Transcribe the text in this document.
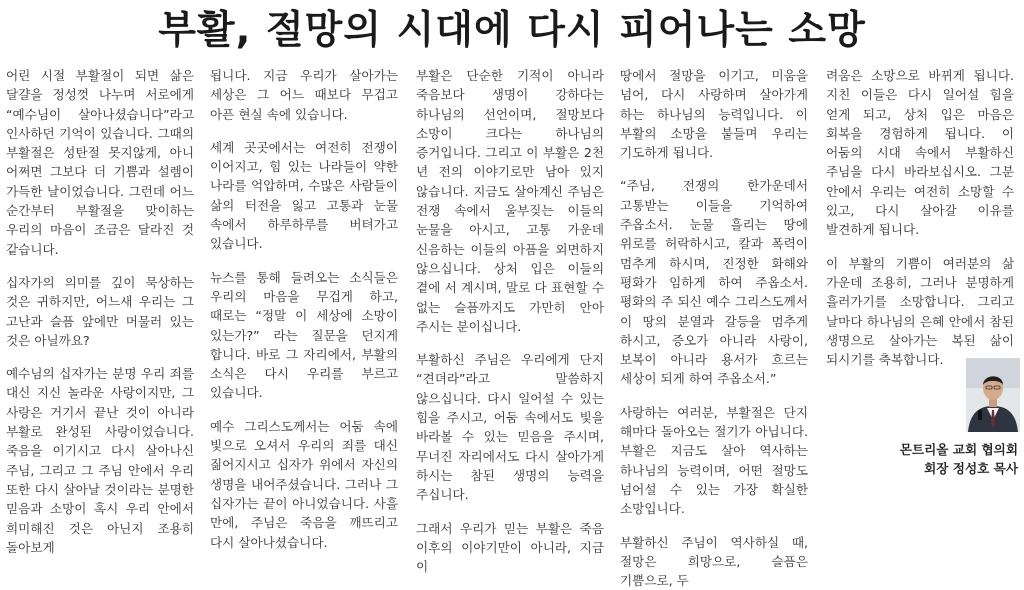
부활, 절망의 시대에 다시 피어나는 소망

어린 시절 부활절이 되면 삶은 달걀을 정성껏 나누며 서로에게 “예수님이 살아나셨습니다”라고 인사하던 기억이 있습니다. 그때의 부활절은 성탄절 못지않게, 아니 어쩌면 그보다 더 기쁨과 설렘이 가득한 날이었습니다. 그런데 어느 순간부터 부활절을 맞이하는 우리의 마음이 조금은 달라진 것 같습니다.

십자가의 의미를 깊이 묵상하는 것은 귀하지만, 어느새 우리는 그 고난과 슬픔 앞에만 머물러 있는 것은 아닐까요?

예수님의 십자가는 분명 우리 죄를 대신 지신 놀라운 사랑이지만, 그 사랑은 거기서 끝난 것이 아니라 부활로 완성된 사랑이었습니다. 죽음을 이기시고 다시 살아나신 주님, 그리고 그 주님 안에서 우리 또한 다시 살아날 것이라는 분명한 믿음과 소망이 혹시 우리 안에서 희미해진 것은 아닌지 조용히 돌아보게

됩니다. 지금 우리가 살아가는 세상은 그 어느 때보다 무겁고 아픈 현실 속에 있습니다.

세계 곳곳에서는 여전히 전쟁이 이어지고, 힘 있는 나라들이 약한 나라를 억압하며, 수많은 사람들이 삶의 터전을 잃고 고통과 눈물 속에서 하루하루를 버텨가고 있습니다.

뉴스를 통해 들려오는 소식들은 우리의 마음을 무겁게 하고, 때로는 “정말 이 세상에 소망이 있는가?” 라는 질문을 던지게 합니다. 바로 그 자리에서, 부활의 소식은 다시 우리를 부르고 있습니다.

예수 그리스도께서는 어둠 속에 빛으로 오셔서 우리의 죄를 대신 짊어지시고 십자가 위에서 자신의 생명을 내어주셨습니다. 그러나 그 십자가는 끝이 아니었습니다. 사흘 만에, 주님은 죽음을 깨뜨리고 다시 살아나셨습니다.

부활은 단순한 기적이 아니라 죽음보다 생명이 강하다는 하나님의 선언이며, 절망보다 소망이 크다는 하나님의 증거입니다. 그리고 이 부활은 2천 년 전의 이야기로만 남아 있지 않습니다. 지금도 살아계신 주님은 전쟁 속에서 울부짖는 이들의 눈물을 아시고, 고통 가운데 신음하는 이들의 아픔을 외면하지 않으십니다. 상처 입은 이들의 곁에 서 계시며, 말로 다 표현할 수 없는 슬픔까지도 가만히 안아 주시는 분이십니다.

부활하신 주님은 우리에게 단지 “견뎌라”라고 말씀하지 않으십니다. 다시 일어설 수 있는 힘을 주시고, 어둠 속에서도 빛을 바라볼 수 있는 믿음을 주시며, 무너진 자리에서도 다시 살아가게 하시는 참된 생명의 능력을 주십니다.

그래서 우리가 믿는 부활은 죽음 이후의 이야기만이 아니라, 지금 이

땅에서 절망을 이기고, 미움을 넘어, 다시 사랑하며 살아가게 하는 하나님의 능력입니다. 이 부활의 소망을 붙들며 우리는 기도하게 됩니다.

“주님, 전쟁의 한가운데서 고통받는 이들을 기억하여 주옵소서. 눈물 흘리는 땅에 위로를 허락하시고, 칼과 폭력이 멈추게 하시며, 진정한 화해와 평화가 임하게 하여 주옵소서. 평화의 주 되신 예수 그리스도께서 이 땅의 분열과 갈등을 멈추게 하시고, 증오가 아니라 사랑이, 보복이 아니라 용서가 흐르는 세상이 되게 하여 주옵소서.”

사랑하는 여러분, 부활절은 단지 해마다 돌아오는 절기가 아닙니다. 부활은 지금도 살아 역사하는 하나님의 능력이며, 어떤 절망도 넘어설 수 있는 가장 확실한 소망입니다.

부활하신 주님이 역사하실 때, 절망은 희망으로, 슬픔은 기쁨으로, 두

려움은 소망으로 바뀌게 됩니다. 지친 이들은 다시 일어설 힘을 얻게 되고, 상처 입은 마음은 회복을 경험하게 됩니다. 이 어둠의 시대 속에서 부활하신 주님을 다시 바라보십시오. 그분 안에서 우리는 여전히 소망할 수 있고, 다시 살아갈 이유를 발견하게 됩니다.

이 부활의 기쁨이 여러분의 삶 가운데 조용히, 그러나 분명하게 흘러가기를 소망합니다. 그리고 날마다 하나님의 은혜 안에서 참된 생명으로 살아가는 복된 삶이 되시기를 축복합니다.

몬트리올 교회 협의회
회장 정성호 목사
